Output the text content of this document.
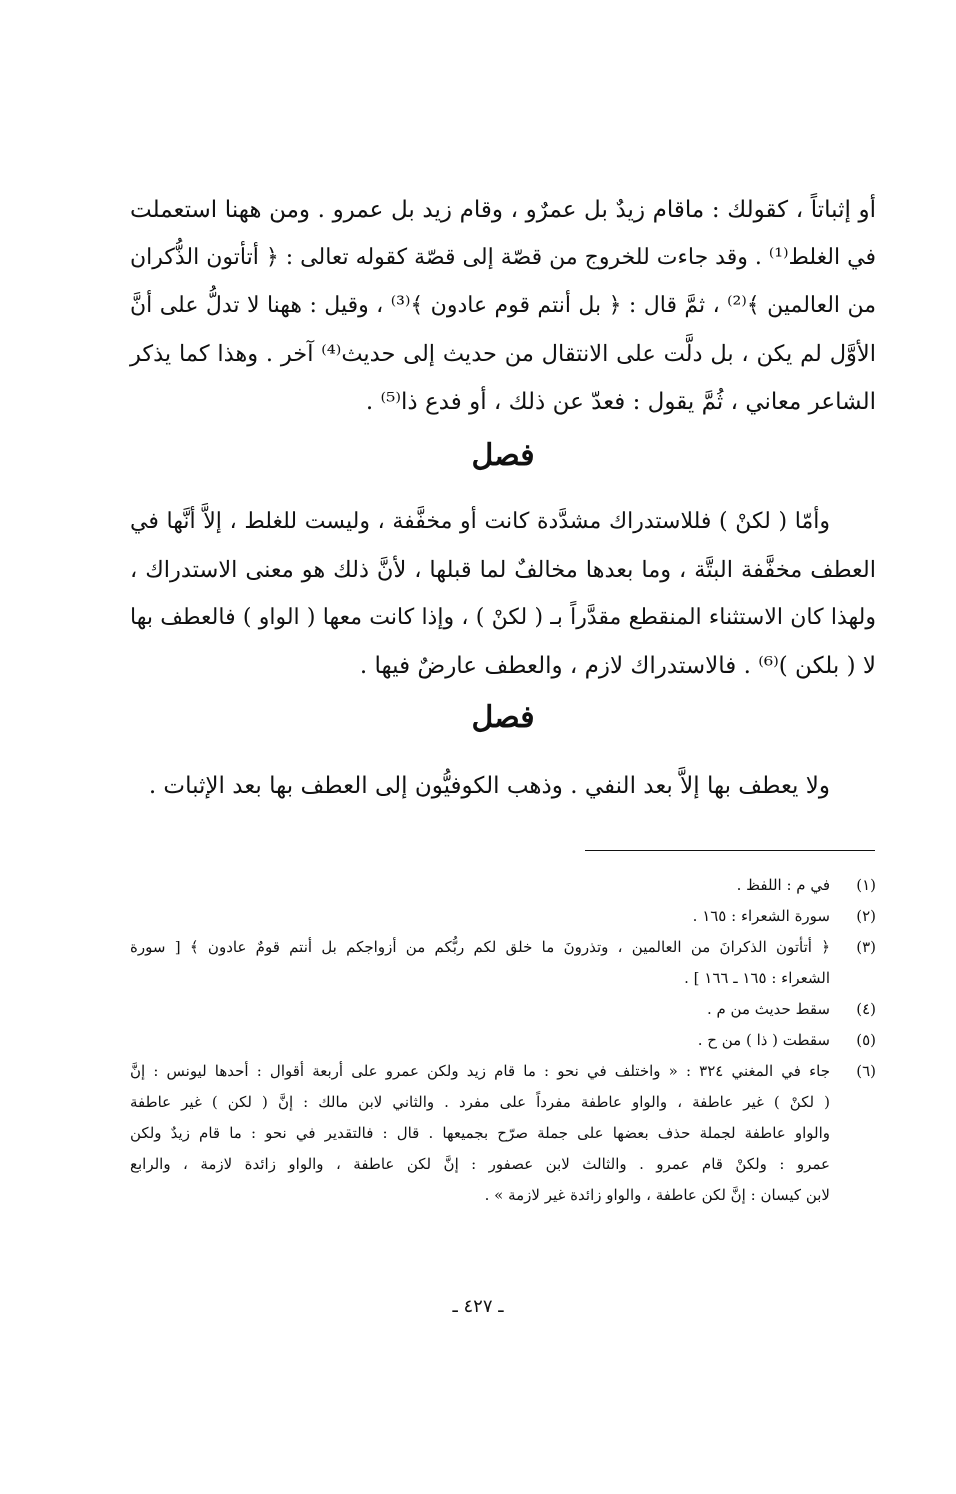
أو إثباتاً ، كقولك : ماقام زيدٌ بل عمرٌو ، وقام زيد بل عمرو . ومن ههنا استعملت
في الغلط⁽¹⁾ . وقد جاءت للخروج من قصّة إلى قصّة كقوله تعالى : ﴿ أتأتون الذُّكران
من العالمين ﴾⁽²⁾ ، ثمَّ قال : ﴿ بل أنتم قوم عادون ﴾⁽³⁾ ، وقيل : ههنا لا تدلُّ على أنَّ
الأوَّل لم يكن ، بل دلَّت على الانتقال من حديث إلى حديث⁽⁴⁾ آخر . وهذا كما يذكر
الشاعر معاني ، ثُمَّ يقول : فعدّ عن ذلك ، أو فدع ذا⁽⁵⁾ .
فصل
وأمّا ( لكنْ ) فللاستدراك مشدَّدة كانت أو مخفَّفة ، وليست للغلط ، إلاَّ أنَّها في
العطف مخفَّفة البتَّة ، وما بعدها مخالفٌ لما قبلها ، لأنَّ ذلك هو معنى الاستدراك ،
ولهذا كان الاستثناء المنقطع مقدَّراً بـ ( لكنْ ) ، وإذا كانت معها ( الواو ) فالعطف بها
لا ( بلكن )⁽⁶⁾ . فالاستدراك لازم ، والعطف عارضٌ فيها .
فصل
ولا يعطف بها إلاَّ بعد النفي . وذهب الكوفيُّون إلى العطف بها بعد الإثبات .
(١)
في م : اللفظ .
(٢)
سورة الشعراء : ١٦٥ .
(٣)
﴿ أتأتون الذكرانَ من العالمين ، وتذرونَ ما خلق لكم ربُّكم من أزواجكم بل أنتم قومٌ عادون ﴾ [ سورة
الشعراء : ١٦٥ ـ ١٦٦ ] .
(٤)
سقط حديث من م .
(٥)
سقطت ( ذا ) من ح .
(٦)
جاء في المغني ٣٢٤ : « واختلف في نحو : ما قام زيد ولكن عمرو على أربعة أقوال : أحدها ليونس : إنَّ
( لكنْ ) غير عاطفة ، والواو عاطفة مفرداً على مفرد . والثاني لابن مالك : إنَّ ( لكن ) غير عاطفة
والواو عاطفة لجملة حذف بعضها على جملة صرّح بجميعها . قال : فالتقدير في نحو : ما قام زيدٌ ولكن
عمرو : ولكنْ قام عمرو . والثالث لابن عصفور : إنَّ لكن عاطفة ، والواو زائدة لازمة ، والرابع
لابن كيسان : إنَّ لكن عاطفة ، والواو زائدة غير لازمة » .
ـ ٤٢٧ ـ
